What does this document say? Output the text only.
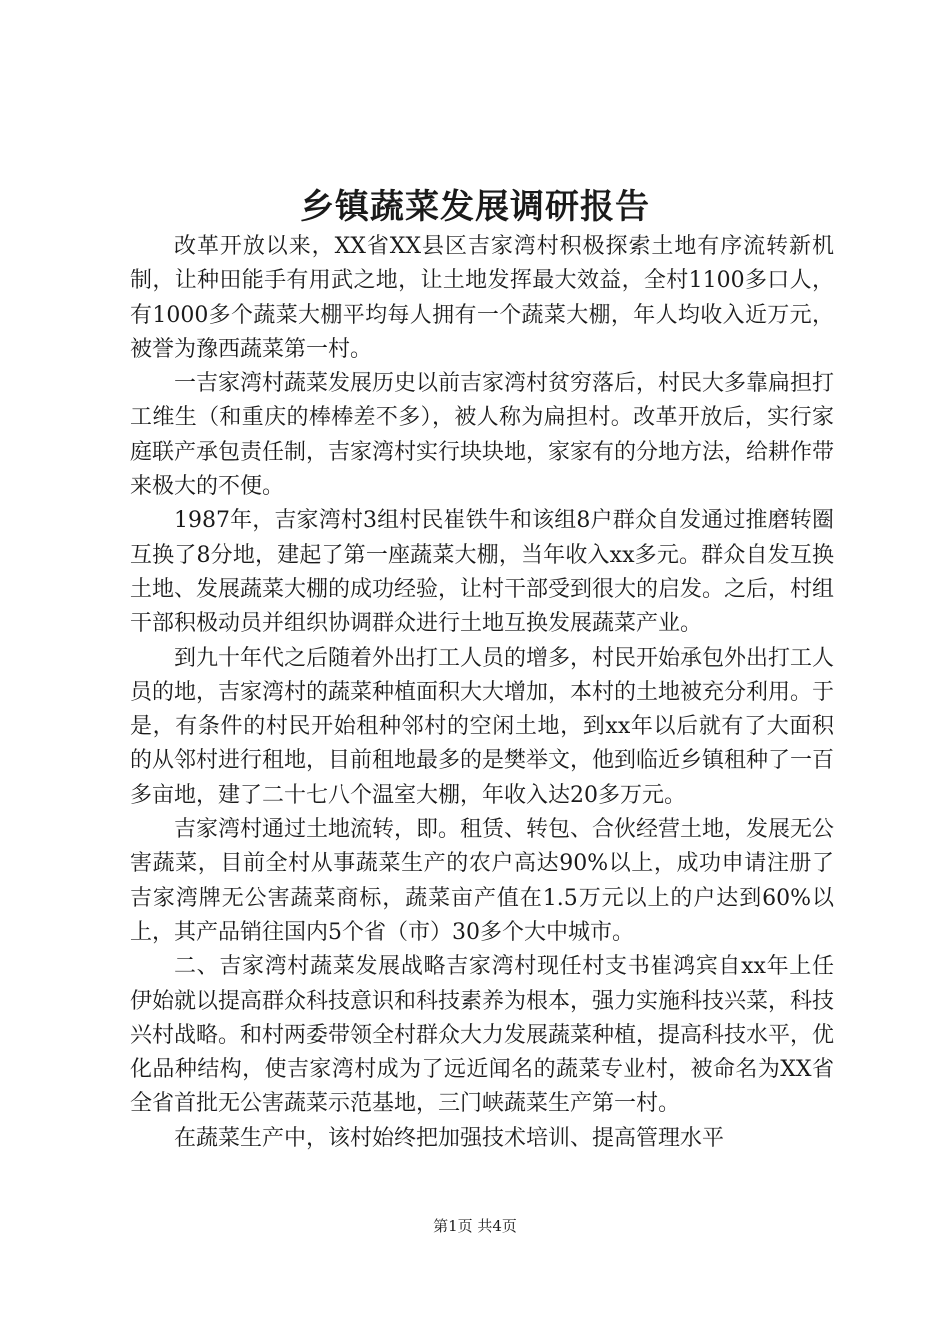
乡镇蔬菜发展调研报告

改革开放以来，XX省XX县区吉家湾村积极探索土地有序流转新机制，让种田能手有用武之地，让土地发挥最大效益，全村1100多口人，有1000多个蔬菜大棚平均每人拥有一个蔬菜大棚，年人均收入近万元，被誉为豫西蔬菜第一村。

一吉家湾村蔬菜发展历史以前吉家湾村贫穷落后，村民大多靠扁担打工维生（和重庆的棒棒差不多），被人称为扁担村。改革开放后，实行家庭联产承包责任制，吉家湾村实行块块地，家家有的分地方法，给耕作带来极大的不便。

1987年，吉家湾村3组村民崔铁牛和该组8户群众自发通过推磨转圈互换了8分地，建起了第一座蔬菜大棚，当年收入xx多元。群众自发互换土地、发展蔬菜大棚的成功经验，让村干部受到很大的启发。之后，村组干部积极动员并组织协调群众进行土地互换发展蔬菜产业。

到九十年代之后随着外出打工人员的增多，村民开始承包外出打工人员的地，吉家湾村的蔬菜种植面积大大增加，本村的土地被充分利用。于是，有条件的村民开始租种邻村的空闲土地，到xx年以后就有了大面积的从邻村进行租地，目前租地最多的是樊举文，他到临近乡镇租种了一百多亩地，建了二十七八个温室大棚，年收入达20多万元。

吉家湾村通过土地流转，即。租赁、转包、合伙经营土地，发展无公害蔬菜，目前全村从事蔬菜生产的农户高达90%以上，成功申请注册了吉家湾牌无公害蔬菜商标，蔬菜亩产值在1.5万元以上的户达到60%以上，其产品销往国内5个省（市）30多个大中城市。

二、吉家湾村蔬菜发展战略吉家湾村现任村支书崔鸿宾自xx年上任伊始就以提高群众科技意识和科技素养为根本，强力实施科技兴菜，科技兴村战略。和村两委带领全村群众大力发展蔬菜种植，提高科技水平，优化品种结构，使吉家湾村成为了远近闻名的蔬菜专业村，被命名为XX省全省首批无公害蔬菜示范基地，三门峡蔬菜生产第一村。

在蔬菜生产中，该村始终把加强技术培训、提高管理水平

第1页 共4页
